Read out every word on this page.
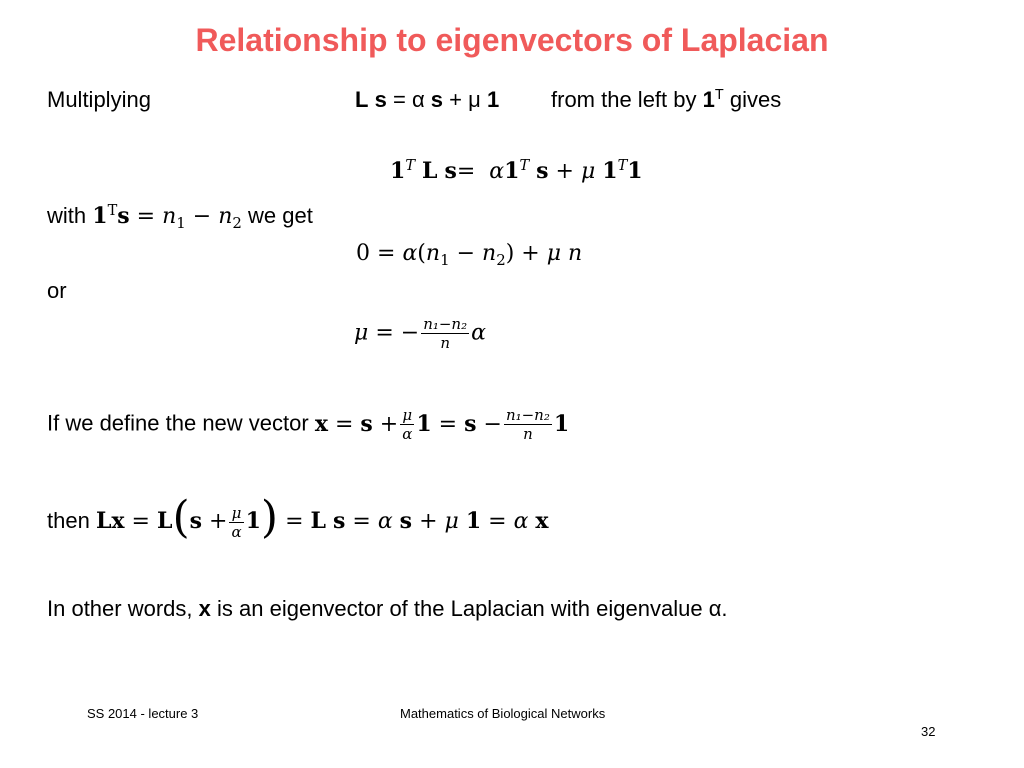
Relationship to eigenvectors of Laplacian
Multiplying	L s = α s + μ 1 from the left by $1^T$ gives
$1^T$ L $s= \alpha 1^T$ s + μ $1^T1$
with $1^Ts = n_1 - n_2$ we get
$0 = \alpha(n_1 - n_2) + \mu$ n
or
μ = − $\frac{\text{n₁−n₂}}{n}$ α
If we define the new vector $x = s + \frac{\mu}{\alpha} 1 = s - \frac{\text{n₁−n₂}}{n} 1$
then $Lx = L(s + \frac{\mu}{\alpha} 1) = L$ s = α s + μ 1 = α x
In other words, x is an eigenvector of the Laplacian with eigenvalue α.
SS 2014 - lecture 3	Mathematics of Biological Networks
32
